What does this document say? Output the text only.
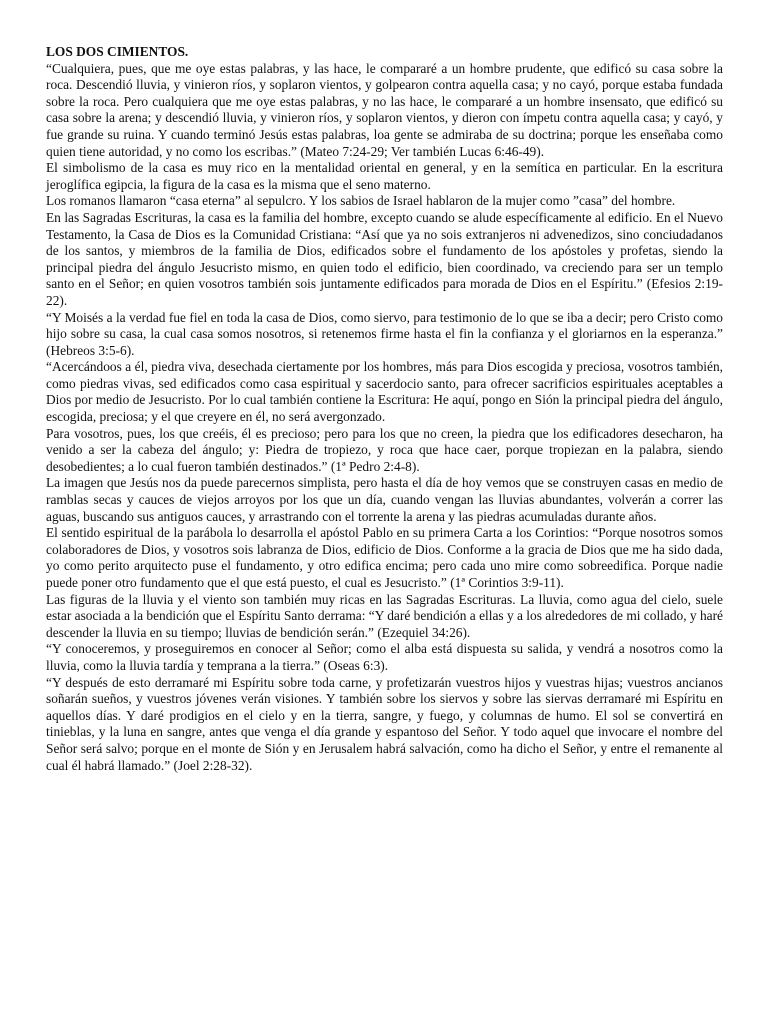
LOS DOS CIMIENTOS.

“Cualquiera, pues, que me oye estas palabras, y las hace, le compararé a un hombre prudente, que edificó su casa sobre la roca. Descendió lluvia, y vinieron ríos, y soplaron vientos, y golpearon contra aquella casa; y no cayó, porque estaba fundada sobre la roca. Pero cualquiera que me oye estas palabras, y no las hace, le compararé a un hombre insensato, que edificó su casa sobre la arena; y descendió lluvia, y vinieron ríos, y soplaron vientos, y dieron con ímpetu contra aquella casa; y cayó, y fue grande su ruina. Y cuando terminó Jesús estas palabras, loa gente se admiraba de su doctrina; porque les enseñaba como quien tiene autoridad, y no como los escribas.” (Mateo 7:24-29; Ver también Lucas 6:46-49).

El simbolismo de la casa es muy rico en la mentalidad oriental en general, y en la semítica en particular. En la escritura jeroglífica egipcia, la figura de la casa es la misma que el seno materno.

Los romanos llamaron “casa eterna” al sepulcro. Y los sabios de Israel hablaron de la mujer como ”casa” del hombre.

En las Sagradas Escrituras, la casa es la familia del hombre, excepto cuando se alude específicamente al edificio. En el Nuevo Testamento, la Casa de Dios es la Comunidad Cristiana: “Así que ya no sois extranjeros ni advenedizos, sino conciudadanos de los santos, y miembros de la familia de Dios, edificados sobre el fundamento de los apóstoles y profetas, siendo la principal piedra del ángulo Jesucristo mismo, en quien todo el edificio, bien coordinado, va creciendo para ser un templo santo en el Señor; en quien vosotros también sois juntamente edificados para morada de Dios en el Espíritu.” (Efesios 2:19-22).

“Y Moisés a la verdad fue fiel en toda la casa de Dios, como siervo, para testimonio de lo que se iba a decir; pero Cristo como hijo sobre su casa, la cual casa somos nosotros, si retenemos firme hasta el fin la confianza y el gloriarnos en la esperanza.” (Hebreos 3:5-6).

“Acercándoos a él, piedra viva, desechada ciertamente por los hombres, más para Dios escogida y preciosa, vosotros también, como piedras vivas, sed edificados como casa espiritual y sacerdocio santo, para ofrecer sacrificios espirituales aceptables a Dios por medio de Jesucristo. Por lo cual también contiene la Escritura: He aquí, pongo en Sión la principal piedra del ángulo, escogida, preciosa; y el que creyere en él, no será avergonzado.

Para vosotros, pues, los que creéis, él es precioso; pero para los que no creen, la piedra que los edificadores desecharon, ha venido a ser la cabeza del ángulo; y: Piedra de tropiezo, y roca que hace caer, porque tropiezan en la palabra, siendo desobedientes; a lo cual fueron también destinados.” (1ª Pedro 2:4-8).

La imagen que Jesús nos da puede parecernos simplista, pero hasta el día de hoy vemos que se construyen casas en medio de ramblas secas y cauces de viejos arroyos por los que un día, cuando vengan las lluvias abundantes, volverán a correr las aguas, buscando sus antiguos cauces, y arrastrando con el torrente la arena y las piedras acumuladas durante años.

El sentido espiritual de la parábola lo desarrolla el apóstol Pablo en su primera Carta a los Corintios: “Porque nosotros somos colaboradores de Dios, y vosotros sois labranza de Dios, edificio de Dios. Conforme a la gracia de Dios que me ha sido dada, yo como perito arquitecto puse el fundamento, y otro edifica encima; pero cada uno mire como sobreedifica. Porque nadie puede poner otro fundamento que el que está puesto, el cual es Jesucristo.” (1ª Corintios 3:9-11).

Las figuras de la lluvia y el viento son también muy ricas en las Sagradas Escrituras. La lluvia, como agua del cielo, suele estar asociada a la bendición que el Espíritu Santo derrama: “Y daré bendición a ellas y a los alrededores de mi collado, y haré descender la lluvia en su tiempo; lluvias de bendición serán.” (Ezequiel 34:26).

“Y conoceremos, y proseguiremos en conocer al Señor; como el alba está dispuesta su salida, y vendrá a nosotros como la lluvia, como la lluvia tardía y temprana a la tierra.” (Oseas 6:3).

“Y después de esto derramaré mi Espíritu sobre toda carne, y profetizarán vuestros hijos y vuestras hijas; vuestros ancianos soñarán sueños, y vuestros jóvenes verán visiones. Y también sobre los siervos y sobre las siervas derramaré mi Espíritu en aquellos días. Y daré prodigios en el cielo y en la tierra, sangre, y fuego, y columnas de humo. El sol se convertirá en tinieblas, y la luna en sangre, antes que venga el día grande y espantoso del Señor. Y todo aquel que invocare el nombre del Señor será salvo; porque en el monte de Sión y en Jerusalem habrá salvación, como ha dicho el Señor, y entre el remanente al cual él habrá llamado.” (Joel 2:28-32).
